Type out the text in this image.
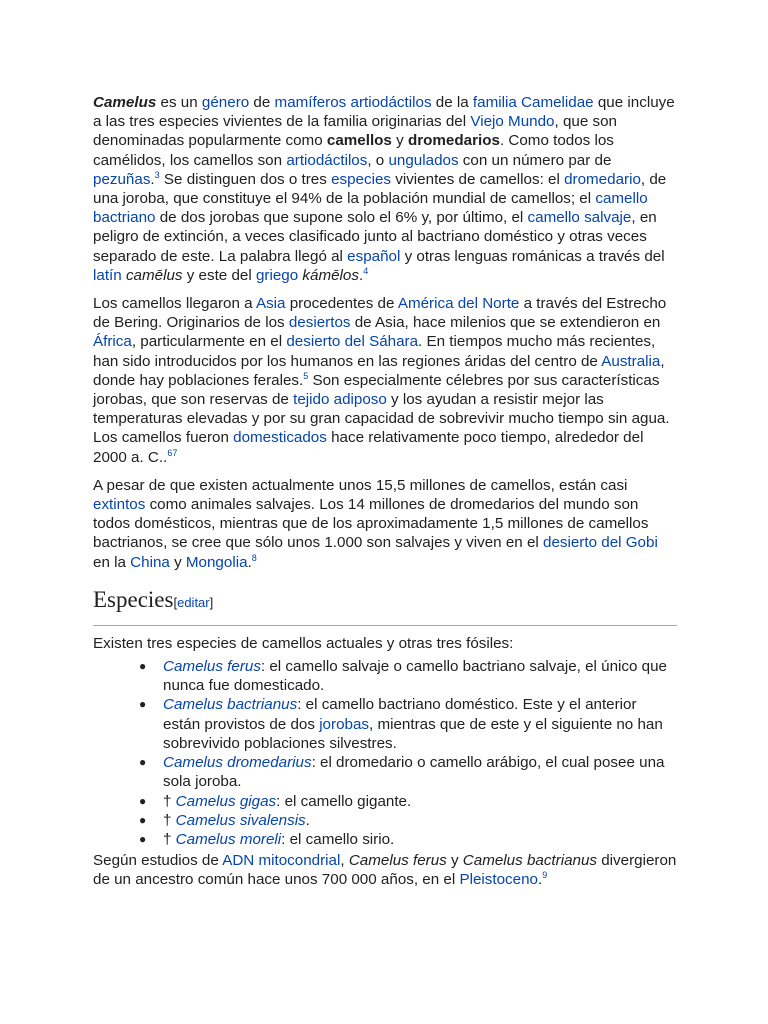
Camelus es un género de mamíferos artiodáctilos de la familia Camelidae que incluye a las tres especies vivientes de la familia originarias del Viejo Mundo, que son denominadas popularmente como camellos y dromedarios. Como todos los camélidos, los camellos son artiodáctilos, o ungulados con un número par de pezuñas.$^3$ Se distinguen dos o tres especies vivientes de camellos: el dromedario, de una joroba, que constituye el 94% de la población mundial de camellos; el camello bactriano de dos jorobas que supone solo el 6% y, por último, el camello salvaje, en peligro de extinción, a veces clasificado junto al bactriano doméstico y otras veces separado de este. La palabra llegó al español y otras lenguas románicas a través del latín camēlus y este del griego kámēlos.$^4$

Los camellos llegaron a Asia procedentes de América del Norte a través del Estrecho de Bering. Originarios de los desiertos de Asia, hace milenios que se extendieron en África, particularmente en el desierto del Sáhara. En tiempos mucho más recientes, han sido introducidos por los humanos en las regiones áridas del centro de Australia, donde hay poblaciones ferales.$^5$ Son especialmente célebres por sus características jorobas, que son reservas de tejido adiposo y los ayudan a resistir mejor las temperaturas elevadas y por su gran capacidad de sobrevivir mucho tiempo sin agua. Los camellos fueron domesticados hace relativamente poco tiempo, alrededor del 2000 a. C..$^{67}$

A pesar de que existen actualmente unos 15,5 millones de camellos, están casi extintos como animales salvajes. Los 14 millones de dromedarios del mundo son todos domésticos, mientras que de los aproximadamente 1,5 millones de camellos bactrianos, se cree que sólo unos 1.000 son salvajes y viven en el desierto del Gobi en la China y Mongolia.$^8$

Especies[editar]

Existen tres especies de camellos actuales y otras tres fósiles:

● Camelus ferus: el camello salvaje o camello bactriano salvaje, el único que nunca fue domesticado.
● Camelus bactrianus: el camello bactriano doméstico. Este y el anterior están provistos de dos jorobas, mientras que de este y el siguiente no han sobrevivido poblaciones silvestres.
● Camelus dromedarius: el dromedario o camello arábigo, el cual posee una sola joroba.
● † Camelus gigas: el camello gigante.
● † Camelus sivalensis.
● † Camelus moreli: el camello sirio.

Según estudios de ADN mitocondrial, Camelus ferus y Camelus bactrianus divergieron de un ancestro común hace unos 700 000 años, en el Pleistoceno.$^9$
